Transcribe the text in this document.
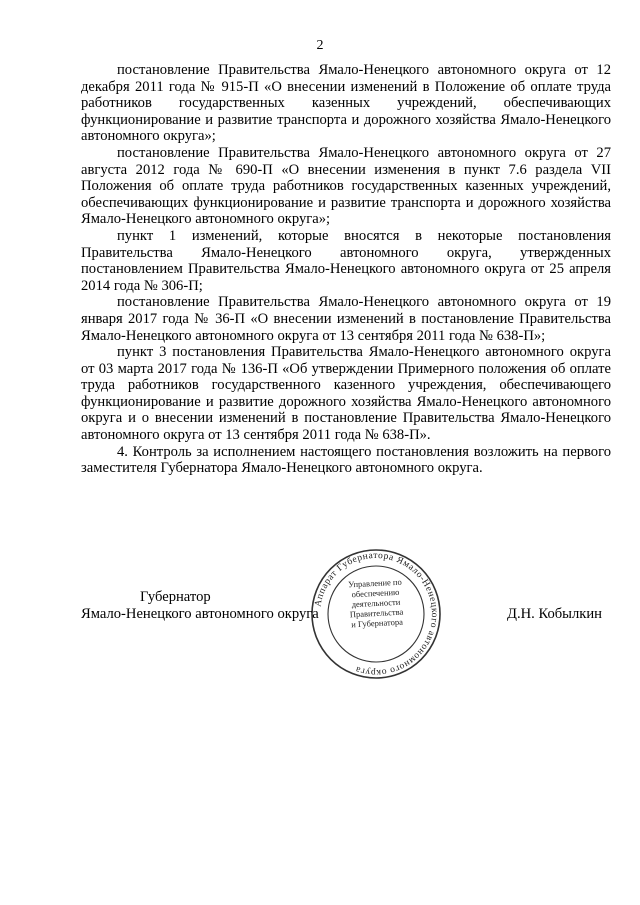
2

постановление Правительства Ямало-Ненецкого автономного округа от 12 декабря 2011 года № 915-П «О внесении изменений в Положение об оплате труда работников государственных казенных учреждений, обеспечивающих функционирование и развитие транспорта и дорожного хозяйства Ямало-Ненецкого автономного округа»;

постановление Правительства Ямало-Ненецкого автономного округа от 27 августа 2012 года № 690-П «О внесении изменения в пункт 7.6 раздела VII Положения об оплате труда работников государственных казенных учреждений, обеспечивающих функционирование и развитие транспорта и дорожного хозяйства Ямало-Ненецкого автономного округа»;

пункт 1 изменений, которые вносятся в некоторые постановления Правительства Ямало-Ненецкого автономного округа, утвержденных постановлением Правительства Ямало-Ненецкого автономного округа от 25 апреля 2014 года № 306-П;

постановление Правительства Ямало-Ненецкого автономного округа от 19 января 2017 года № 36-П «О внесении изменений в постановление Правительства Ямало-Ненецкого автономного округа от 13 сентября 2011 года № 638-П»;

пункт 3 постановления Правительства Ямало-Ненецкого автономного округа от 03 марта 2017 года № 136-П «Об утверждении Примерного положения об оплате труда работников государственного казенного учреждения, обеспечивающего функционирование и развитие дорожного хозяйства Ямало-Ненецкого автономного округа и о внесении изменений в постановление Правительства Ямало-Ненецкого автономного округа от 13 сентября 2011 года № 638-П».

4. Контроль за исполнением настоящего постановления возложить на первого заместителя Губернатора Ямало-Ненецкого автономного округа.

Аппарат Губернатора Ямало-Ненецкого автономного округа
Управление по
обеспечению
деятельности
Правительства
и Губернатора
Губернатор
Ямало-Ненецкого автономного округа	Д.Н. Кобылкин
